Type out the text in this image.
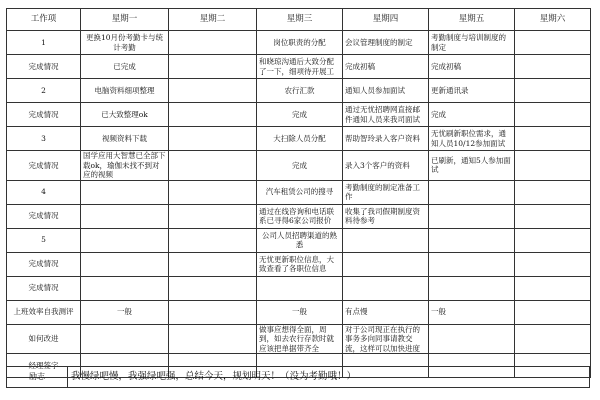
工作项	星期一	星期二	星期三	星期四	星期五	星期六
1	更换10月份考勤卡与统计考勤		岗位职责的分配	会议管理制度的制定	考勤制度与培训制度的制定	
完成情况	已完成		和晓琼沟通后大致分配了一下，细项待开展工	完成初稿	完成初稿	
2	电脑资料细项整理		农行汇款	通知人员参加面试	更新通讯录	
完成情况	已大致整理ok		完成	通过无忧招聘网直接邮件通知人员来我司面试	完成	
3	视频资料下载		大扫除人员分配	帮助智玲录入客户资料	无忧刷新职位需求，通知人员10/12参加面试	
完成情况	国学应用大智慧已全部下载ok，瑜伽未找不到对应的视频		完成	录入3个客户的资料	已刷新，通知5人参加面试	
4			汽车租赁公司的搜寻	考勤制度的制定准备工作		
完成情况			通过在线咨询和电话联系已寻得6家公司报价	收集了我司假期制度资料待参考		
5			公司人员招聘渠道的熟悉			
完成情况			无忧更新职位信息，大致查看了各职位信息			
完成情况						
上班效率自我测评	一般		一般	有点慢	一般	
如何改进			做事应想得全面，周到，如去农行存款时就应该把单据带齐全	对于公司现正在执行的事务多向同事请教交流，这样可以加快进度		
经理签字						
励志	我慢绿吧慢，我强绿吧强，总结今天，规划明天！（没为考勤哦！）
